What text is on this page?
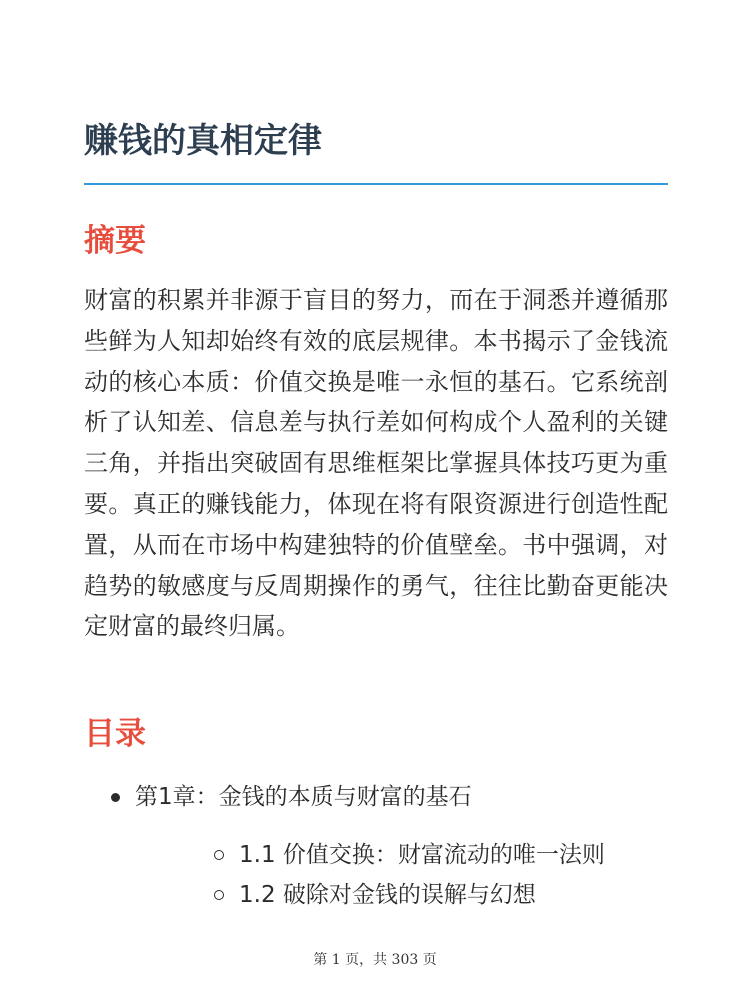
赚钱的真相定律
摘要

财富的积累并非源于盲目的努力，而在于洞悉并遵循那些鲜为人知却始终有效的底层规律。本书揭示了金钱流动的核心本质：价值交换是唯一永恒的基石。它系统剖析了认知差、信息差与执行差如何构成个人盈利的关键三角，并指出突破固有思维框架比掌握具体技巧更为重要。真正的赚钱能力，体现在将有限资源进行创造性配置，从而在市场中构建独特的价值壁垒。书中强调，对趋势的敏感度与反周期操作的勇气，往往比勤奋更能决定财富的最终归属。

目录
第1章：金钱的本质与财富的基石
1.1 价值交换：财富流动的唯一法则
1.2 破除对金钱的误解与幻想
第 1 页，共 303 页
